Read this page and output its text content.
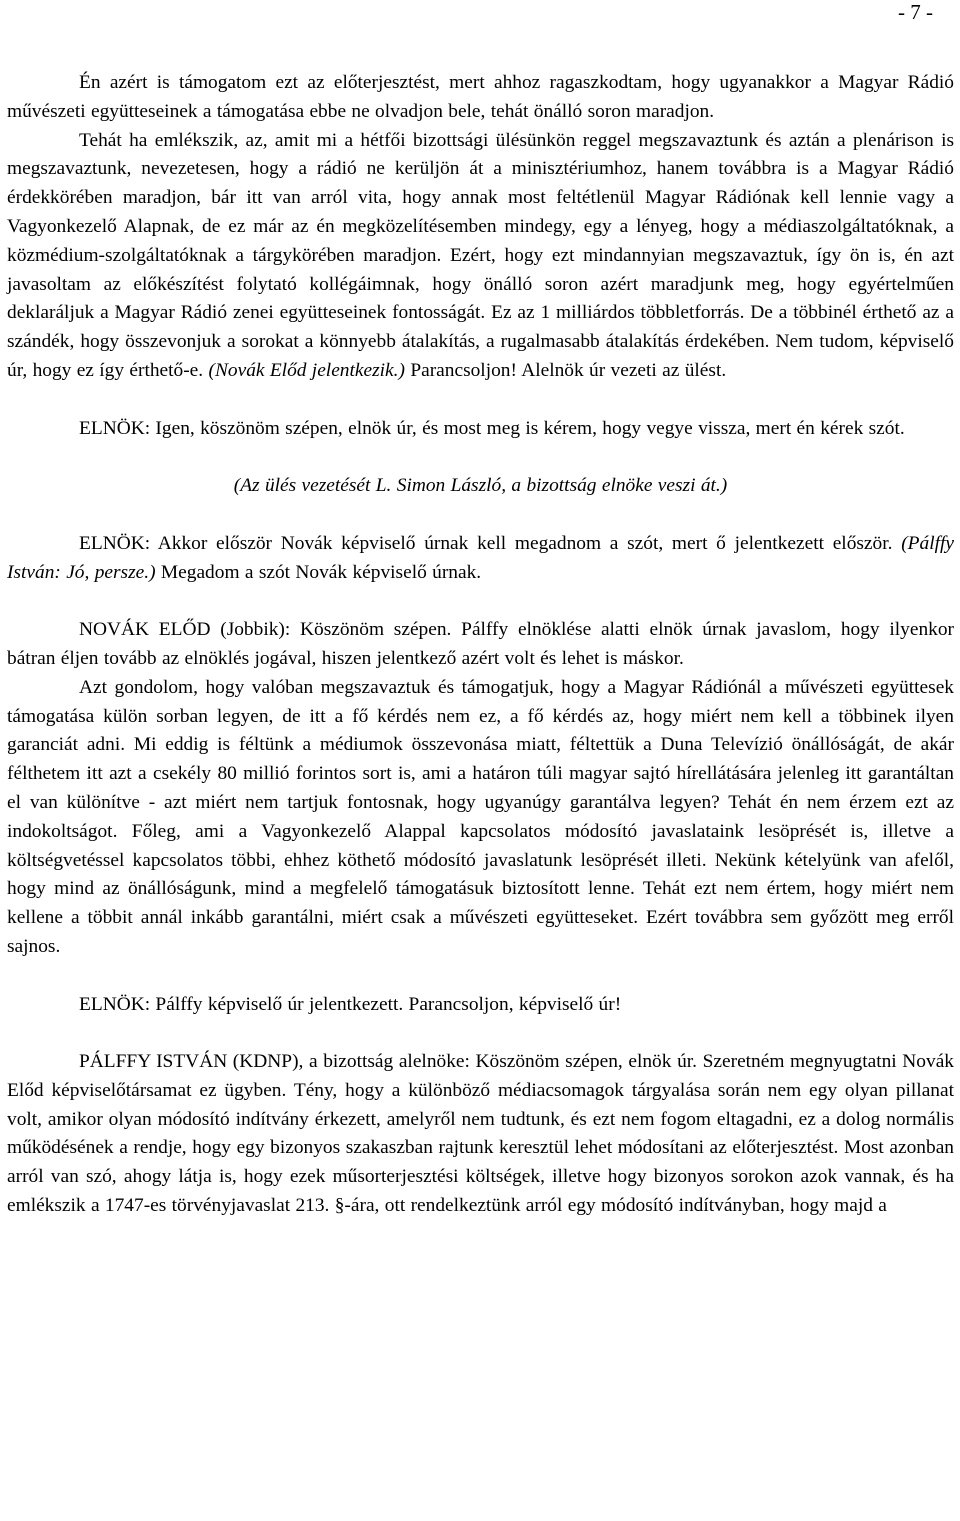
- 7 -

Én azért is támogatom ezt az előterjesztést, mert ahhoz ragaszkodtam, hogy ugyanakkor a Magyar Rádió művészeti együtteseinek a támogatása ebbe ne olvadjon bele, tehát önálló soron maradjon.

Tehát ha emlékszik, az, amit mi a hétfői bizottsági ülésünkön reggel megszavaztunk és aztán a plenárison is megszavaztunk, nevezetesen, hogy a rádió ne kerüljön át a minisztériumhoz, hanem továbbra is a Magyar Rádió érdekkörében maradjon, bár itt van arról vita, hogy annak most feltétlenül Magyar Rádiónak kell lennie vagy a Vagyonkezelő Alapnak, de ez már az én megközelítésemben mindegy, egy a lényeg, hogy a médiaszolgáltatóknak, a közmédium-szolgáltatóknak a tárgykörében maradjon. Ezért, hogy ezt mindannyian megszavaztuk, így ön is, én azt javasoltam az előkészítést folytató kollégáimnak, hogy önálló soron azért maradjunk meg, hogy egyértelműen deklaráljuk a Magyar Rádió zenei együtteseinek fontosságát. Ez az 1 milliárdos többletforrás. De a többinél érthető az a szándék, hogy összevonjuk a sorokat a könnyebb átalakítás, a rugalmasabb átalakítás érdekében. Nem tudom, képviselő úr, hogy ez így érthető-e. (Novák Előd jelentkezik.) Parancsoljon! Alelnök úr vezeti az ülést.

ELNÖK: Igen, köszönöm szépen, elnök úr, és most meg is kérem, hogy vegye vissza, mert én kérek szót.

(Az ülés vezetését L. Simon László, a bizottság elnöke veszi át.)

ELNÖK: Akkor először Novák képviselő úrnak kell megadnom a szót, mert ő jelentkezett először. (Pálffy István: Jó, persze.) Megadom a szót Novák képviselő úrnak.

NOVÁK ELŐD (Jobbik): Köszönöm szépen. Pálffy elnöklése alatti elnök úrnak javaslom, hogy ilyenkor bátran éljen tovább az elnöklés jogával, hiszen jelentkező azért volt és lehet is máskor.

Azt gondolom, hogy valóban megszavaztuk és támogatjuk, hogy a Magyar Rádiónál a művészeti együttesek támogatása külön sorban legyen, de itt a fő kérdés nem ez, a fő kérdés az, hogy miért nem kell a többinek ilyen garanciát adni. Mi eddig is féltünk a médiumok összevonása miatt, féltettük a Duna Televízió önállóságát, de akár félthetem itt azt a csekély 80 millió forintos sort is, ami a határon túli magyar sajtó hírellátására jelenleg itt garantáltan el van különítve - azt miért nem tartjuk fontosnak, hogy ugyanúgy garantálva legyen? Tehát én nem érzem ezt az indokoltságot. Főleg, ami a Vagyonkezelő Alappal kapcsolatos módosító javaslataink lesöprését is, illetve a költségvetéssel kapcsolatos többi, ehhez köthető módosító javaslatunk lesöprését illeti. Nekünk kételyünk van afelől, hogy mind az önállóságunk, mind a megfelelő támogatásuk biztosított lenne. Tehát ezt nem értem, hogy miért nem kellene a többit annál inkább garantálni, miért csak a művészeti együtteseket. Ezért továbbra sem győzött meg erről sajnos.

ELNÖK: Pálffy képviselő úr jelentkezett. Parancsoljon, képviselő úr!

PÁLFFY ISTVÁN (KDNP), a bizottság alelnöke: Köszönöm szépen, elnök úr. Szeretném megnyugtatni Novák Előd képviselőtársamat ez ügyben. Tény, hogy a különböző médiacsomagok tárgyalása során nem egy olyan pillanat volt, amikor olyan módosító indítvány érkezett, amelyről nem tudtunk, és ezt nem fogom eltagadni, ez a dolog normális működésének a rendje, hogy egy bizonyos szakaszban rajtunk keresztül lehet módosítani az előterjesztést. Most azonban arról van szó, ahogy látja is, hogy ezek műsorterjesztési költségek, illetve hogy bizonyos sorokon azok vannak, és ha emlékszik a 1747-es törvényjavaslat 213. §-ára, ott rendelkeztünk arról egy módosító indítványban, hogy majd a
